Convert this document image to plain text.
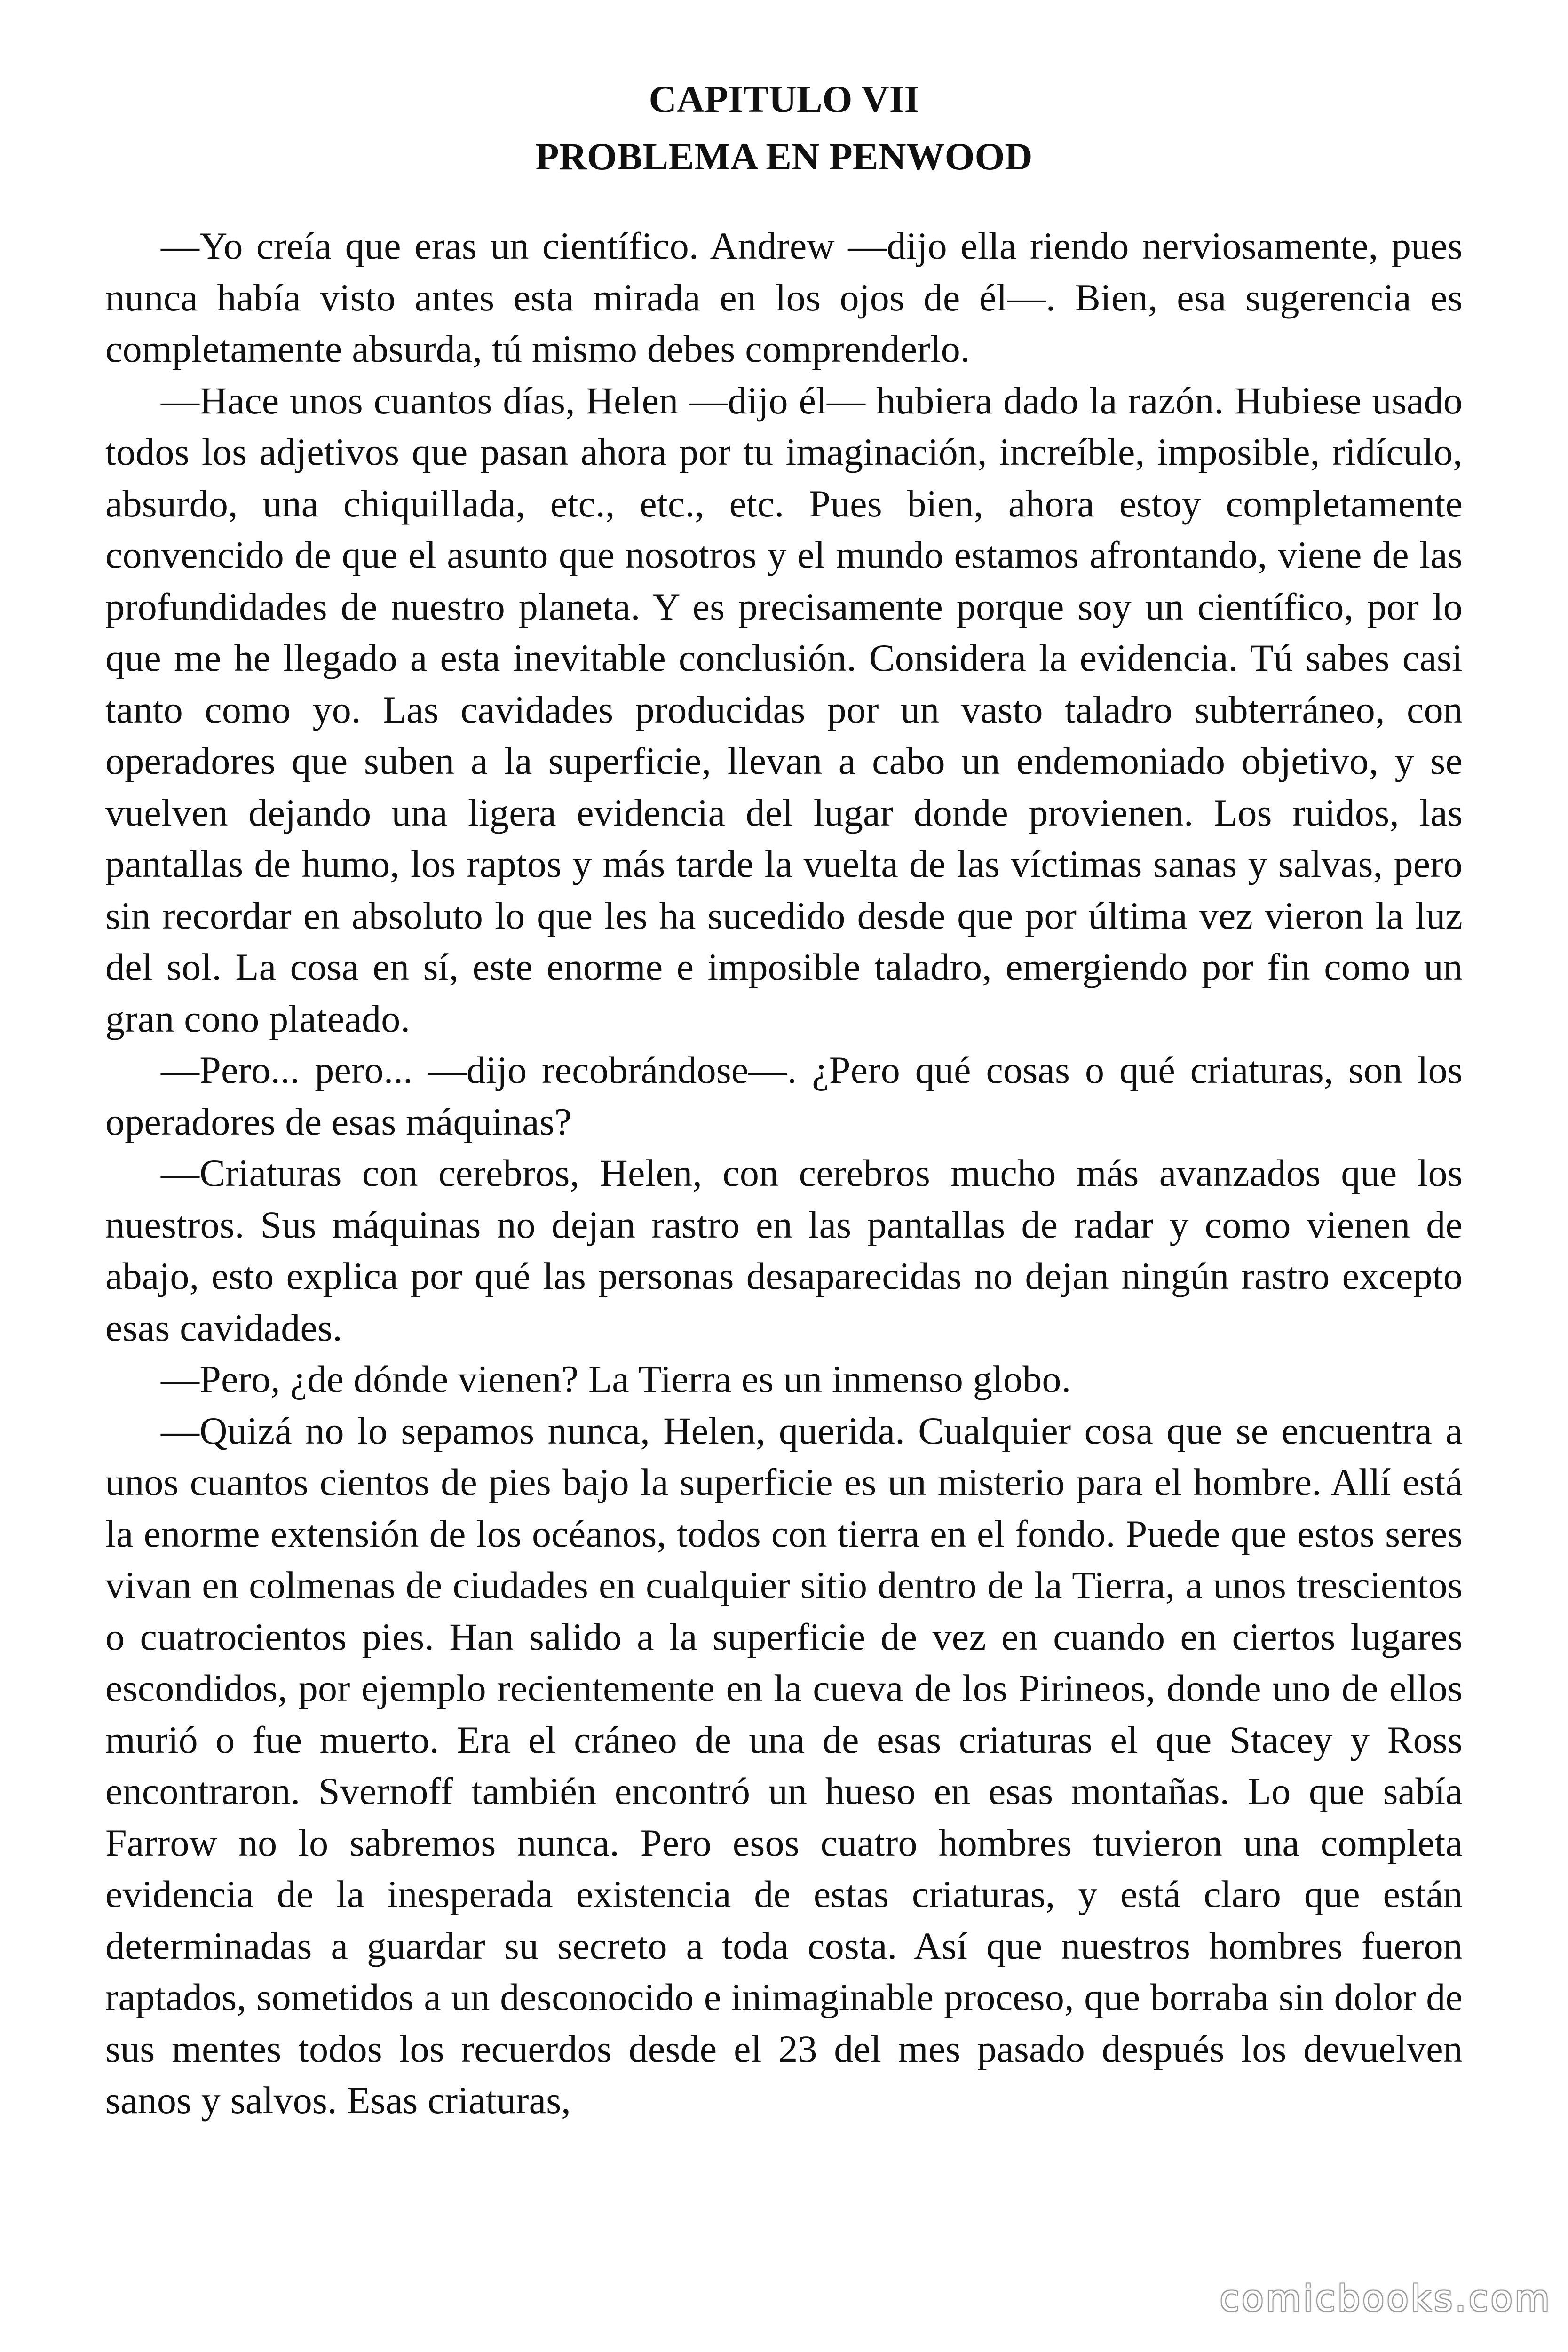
CAPITULO VII
PROBLEMA EN PENWOOD

—Yo creía que eras un científico. Andrew —dijo ella riendo nerviosamente, pues nunca había visto antes esta mirada en los ojos de él—. Bien, esa sugerencia es completamente absurda, tú mismo debes comprenderlo.

—Hace unos cuantos días, Helen —dijo él— hubiera dado la razón. Hubiese usado todos los adjetivos que pasan ahora por tu imaginación, increíble, imposible, ridículo, absurdo, una chiquillada, etc., etc., etc. Pues bien, ahora estoy completamente convencido de que el asunto que nosotros y el mundo estamos afrontando, viene de las profundidades de nuestro planeta. Y es precisamente porque soy un científico, por lo que me he llegado a esta inevitable conclusión. Considera la evidencia. Tú sabes casi tanto como yo. Las cavidades producidas por un vasto taladro subterráneo, con operadores que suben a la superficie, llevan a cabo un endemoniado objetivo, y se vuelven dejando una ligera evidencia del lugar donde provienen. Los ruidos, las pantallas de humo, los raptos y más tarde la vuelta de las víctimas sanas y salvas, pero sin recordar en absoluto lo que les ha sucedido desde que por última vez vieron la luz del sol. La cosa en sí, este enorme e imposible taladro, emergiendo por fin como un gran cono plateado.

—Pero... pero... —dijo recobrándose—. ¿Pero qué cosas o qué criaturas, son los operadores de esas máquinas?

—Criaturas con cerebros, Helen, con cerebros mucho más avanzados que los nuestros. Sus máquinas no dejan rastro en las pantallas de radar y como vienen de abajo, esto explica por qué las personas desaparecidas no dejan ningún rastro excepto esas cavidades.

—Pero, ¿de dónde vienen? La Tierra es un inmenso globo.

—Quizá no lo sepamos nunca, Helen, querida. Cualquier cosa que se encuentra a unos cuantos cientos de pies bajo la superficie es un misterio para el hombre. Allí está la enorme extensión de los océanos, todos con tierra en el fondo. Puede que estos seres vivan en colmenas de ciudades en cualquier sitio dentro de la Tierra, a unos trescientos o cuatrocientos pies. Han salido a la superficie de vez en cuando en ciertos lugares escondidos, por ejemplo recientemente en la cueva de los Pirineos, donde uno de ellos murió o fue muerto. Era el cráneo de una de esas criaturas el que Stacey y Ross encontraron. Svernoff también encontró un hueso en esas montañas. Lo que sabía Farrow no lo sabremos nunca. Pero esos cuatro hombres tuvieron una completa evidencia de la inesperada existencia de estas criaturas, y está claro que están determinadas a guardar su secreto a toda costa. Así que nuestros hombres fueron raptados, sometidos a un desconocido e inimaginable proceso, que borraba sin dolor de sus mentes todos los recuerdos desde el 23 del mes pasado después los devuelven sanos y salvos. Esas criaturas,

comicbooks.com
